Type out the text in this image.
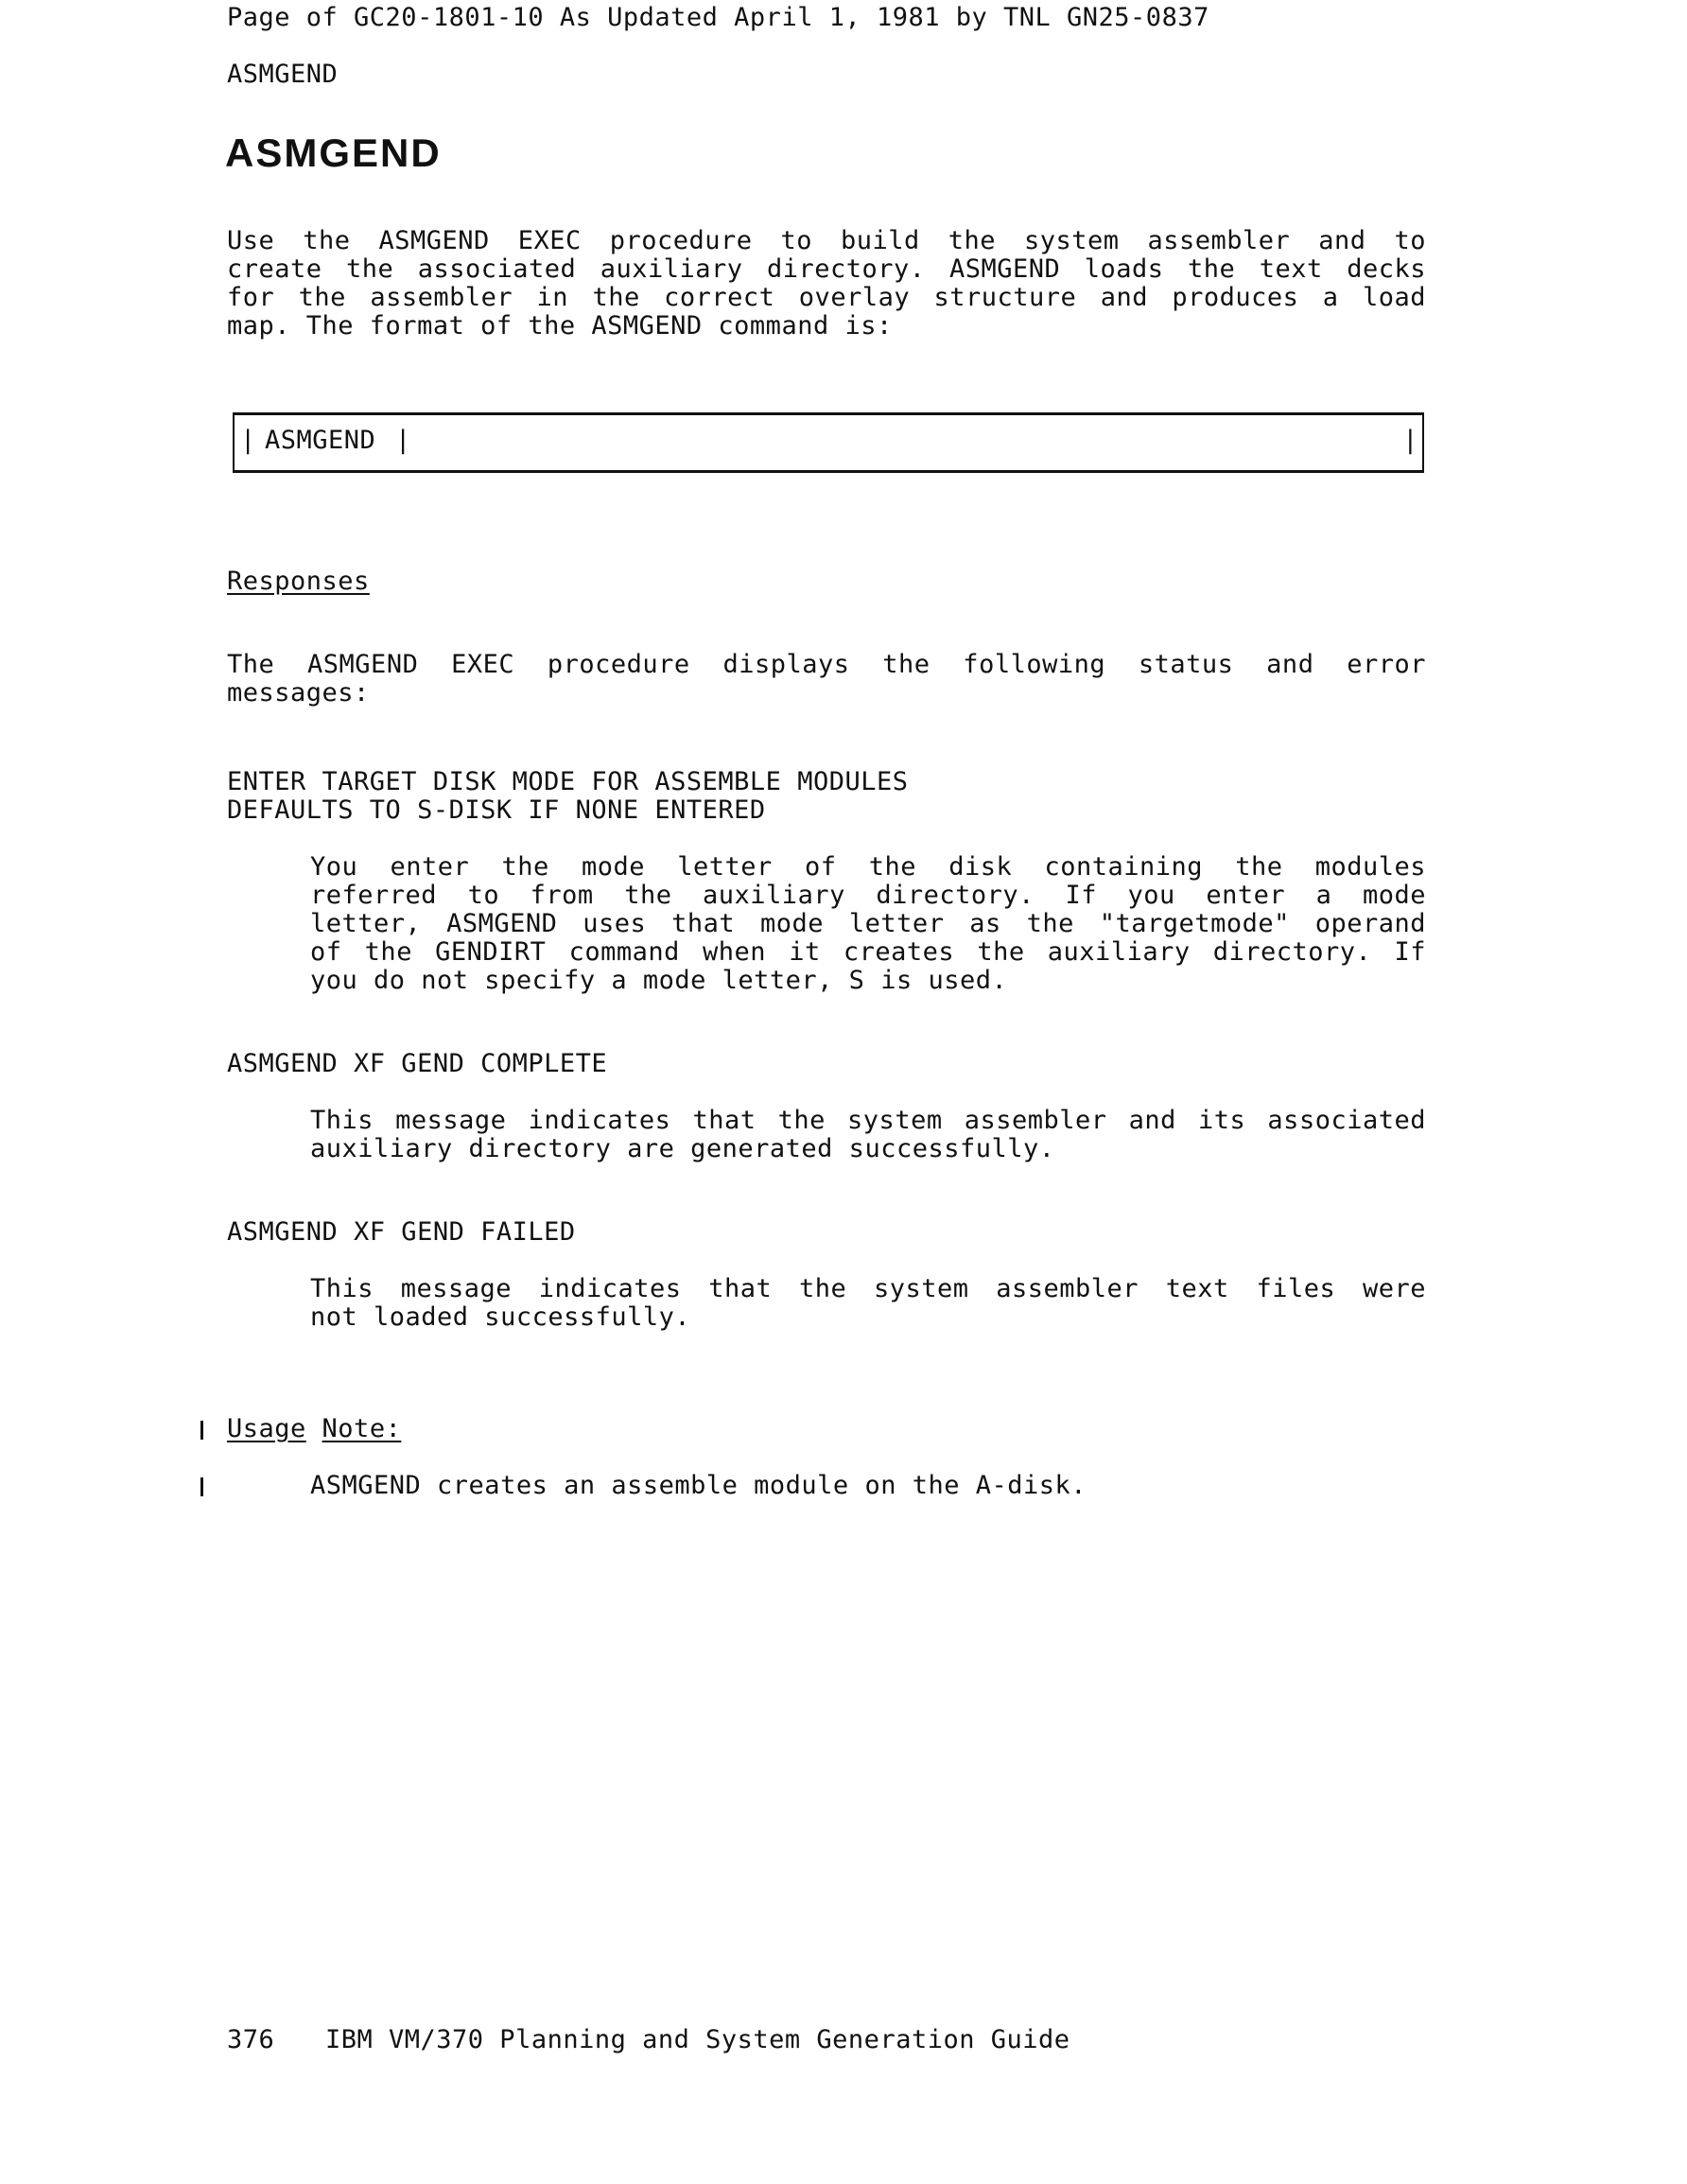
Page of GC20-1801-10 As Updated April 1, 1981 by TNL GN25-0837
ASMGEND
ASMGEND
Use the ASMGEND EXEC procedure to build the system assembler and to
create the associated auxiliary directory. ASMGEND loads the text decks
for the assembler in the correct overlay structure and produces a load
map. The format of the ASMGEND command is:
| ASMGEND |	|
Responses
The ASMGEND EXEC procedure displays the following status and error
messages:
ENTER TARGET DISK MODE FOR ASSEMBLE MODULES
DEFAULTS TO S-DISK IF NONE ENTERED
You enter the mode letter of the disk containing the modules
referred to from the auxiliary directory. If you enter a mode
letter, ASMGEND uses that mode letter as the "targetmode" operand
of the GENDIRT command when it creates the auxiliary directory. If
you do not specify a mode letter, S is used.
ASMGEND XF GEND COMPLETE
This message indicates that the system assembler and its associated
auxiliary directory are generated successfully.
ASMGEND XF GEND FAILED
This message indicates that the system assembler text files were
not loaded successfully.
Usage Note:
ASMGEND creates an assemble module on the A-disk.
376 IBM VM/370 Planning and System Generation Guide
